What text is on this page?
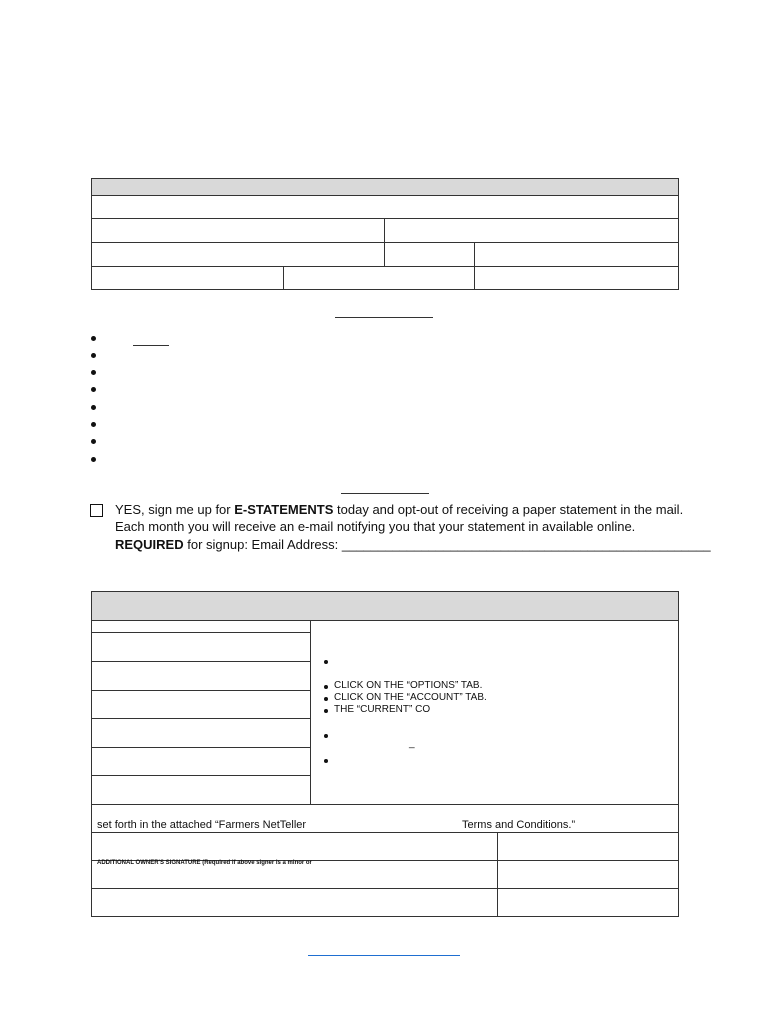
YES, sign me up for E-STATEMENTS today and opt-out of receiving a paper statement in the mail.
Each month you will receive an e-mail notifying you that your statement in available online.
REQUIRED for signup: Email Address: ___________________________________________________
CLICK ON THE “OPTIONS” TAB.
CLICK ON THE “ACCOUNT” TAB.
THE “CURRENT” CO
_
set forth in the attached “Farmers NetTeller	Terms and Conditions.”
ADDITIONAL OWNER'S SIGNATURE (Required if above signer is a minor or
